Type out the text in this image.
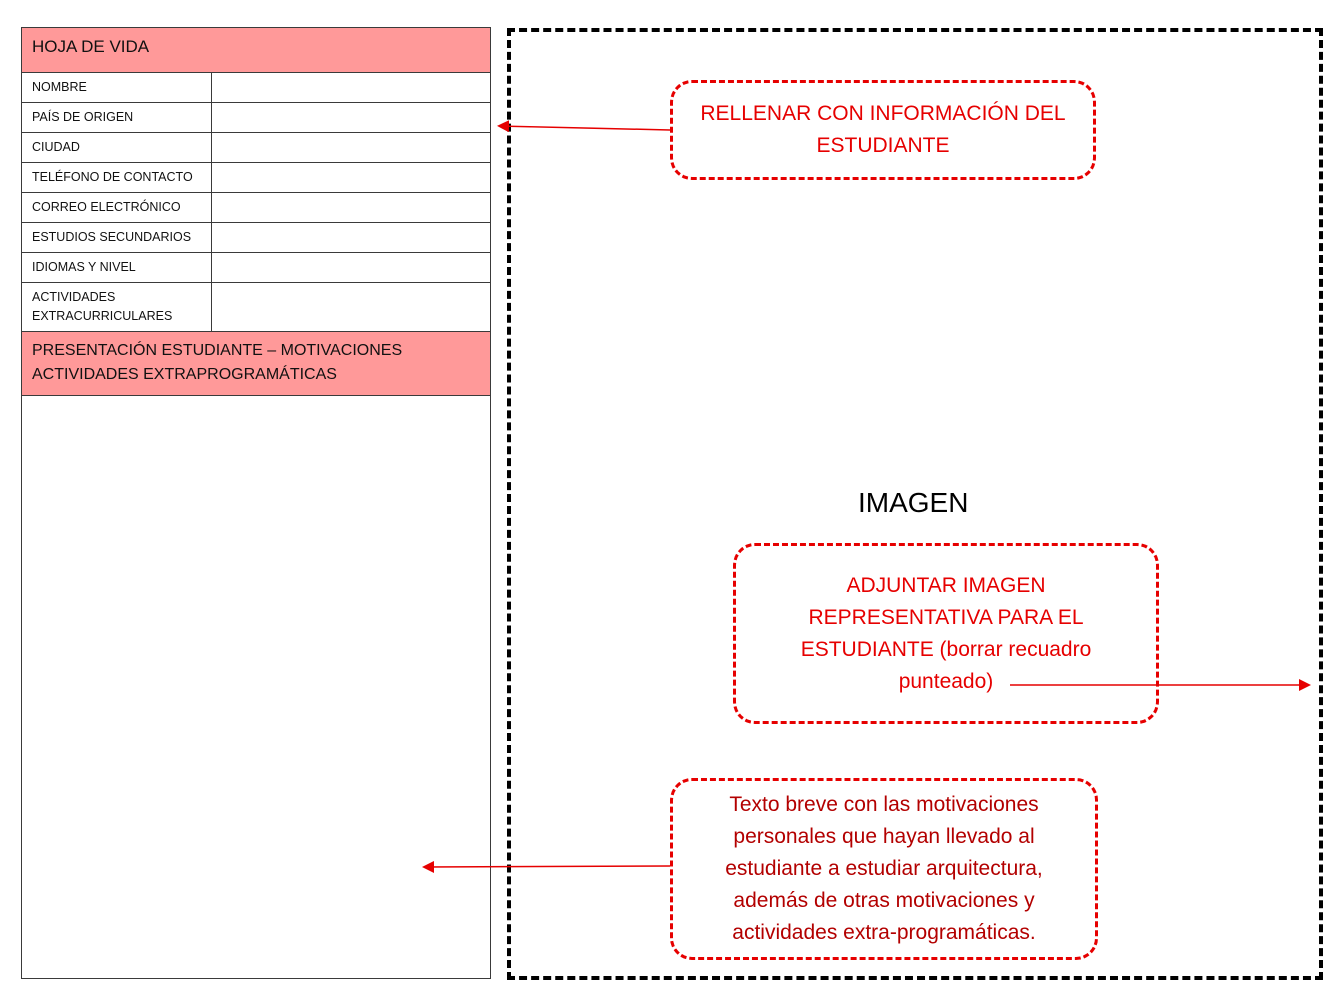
HOJA DE VIDA
NOMBRE
PAÍS DE ORIGEN
CIUDAD
TELÉFONO DE CONTACTO
CORREO ELECTRÓNICO
ESTUDIOS SECUNDARIOS
IDIOMAS Y NIVEL
ACTIVIDADES EXTRACURRICULARES
PRESENTACIÓN ESTUDIANTE – MOTIVACIONES ACTIVIDADES EXTRAPROGRAMÁTICAS
IMAGEN
RELLENAR CON INFORMACIÓN DEL ESTUDIANTE
ADJUNTAR IMAGEN REPRESENTATIVA PARA EL ESTUDIANTE (borrar recuadro punteado)
Texto breve con las motivaciones personales que hayan llevado al estudiante a estudiar arquitectura, además de otras motivaciones y actividades extra-programáticas.
